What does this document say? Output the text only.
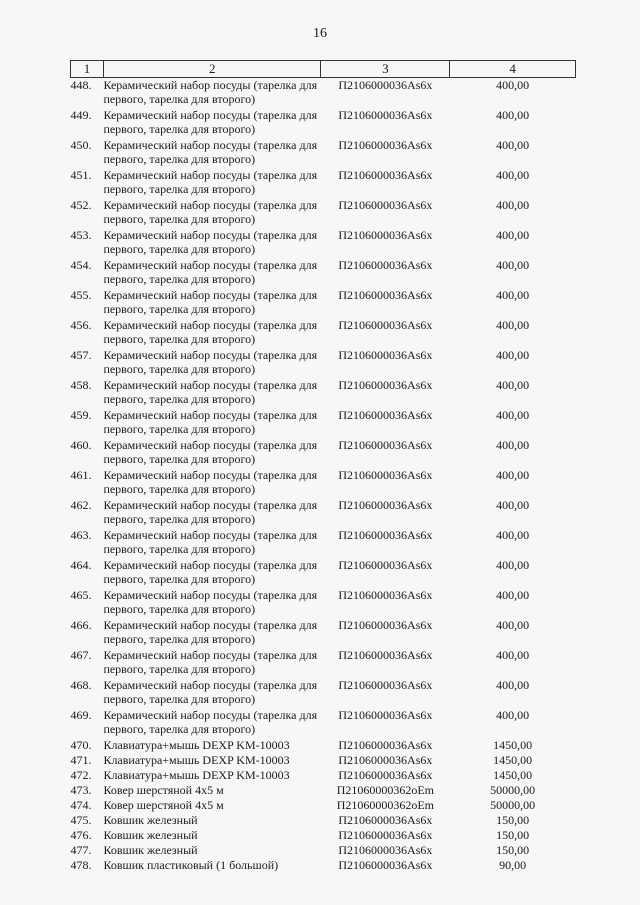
16
1	2	3	4
448.	Керамический набор посуды (тарелка для первого, тарелка для второго)	П2106000036Аs6x	400,00
449.	Керамический набор посуды (тарелка для первого, тарелка для второго)	П2106000036Аs6x	400,00
450.	Керамический набор посуды (тарелка для первого, тарелка для второго)	П2106000036Аs6x	400,00
451.	Керамический набор посуды (тарелка для первого, тарелка для второго)	П2106000036Аs6x	400,00
452.	Керамический набор посуды (тарелка для первого, тарелка для второго)	П2106000036Аs6x	400,00
453.	Керамический набор посуды (тарелка для первого, тарелка для второго)	П2106000036Аs6x	400,00
454.	Керамический набор посуды (тарелка для первого, тарелка для второго)	П2106000036Аs6x	400,00
455.	Керамический набор посуды (тарелка для первого, тарелка для второго)	П2106000036Аs6x	400,00
456.	Керамический набор посуды (тарелка для первого, тарелка для второго)	П2106000036Аs6x	400,00
457.	Керамический набор посуды (тарелка для первого, тарелка для второго)	П2106000036Аs6x	400,00
458.	Керамический набор посуды (тарелка для первого, тарелка для второго)	П2106000036Аs6x	400,00
459.	Керамический набор посуды (тарелка для первого, тарелка для второго)	П2106000036Аs6x	400,00
460.	Керамический набор посуды (тарелка для первого, тарелка для второго)	П2106000036Аs6x	400,00
461.	Керамический набор посуды (тарелка для первого, тарелка для второго)	П2106000036Аs6x	400,00
462.	Керамический набор посуды (тарелка для первого, тарелка для второго)	П2106000036Аs6x	400,00
463.	Керамический набор посуды (тарелка для первого, тарелка для второго)	П2106000036Аs6x	400,00
464.	Керамический набор посуды (тарелка для первого, тарелка для второго)	П2106000036Аs6x	400,00
465.	Керамический набор посуды (тарелка для первого, тарелка для второго)	П2106000036Аs6x	400,00
466.	Керамический набор посуды (тарелка для первого, тарелка для второго)	П2106000036Аs6x	400,00
467.	Керамический набор посуды (тарелка для первого, тарелка для второго)	П2106000036Аs6x	400,00
468.	Керамический набор посуды (тарелка для первого, тарелка для второго)	П2106000036Аs6x	400,00
469.	Керамический набор посуды (тарелка для первого, тарелка для второго)	П2106000036Аs6x	400,00
470.	Клавиатура+мышь DEXP KM-10003	П2106000036Аs6x	1450,00
471.	Клавиатура+мышь DEXP KM-10003	П2106000036Аs6x	1450,00
472.	Клавиатура+мышь DEXP KM-10003	П2106000036Аs6x	1450,00
473.	Ковер шерстяной 4х5 м	П21060000362оEm	50000,00
474.	Ковер шерстяной 4х5 м	П21060000362оEm	50000,00
475.	Ковшик железный	П2106000036Аs6x	150,00
476.	Ковшик железный	П2106000036Аs6x	150,00
477.	Ковшик железный	П2106000036Аs6x	150,00
478.	Ковшик пластиковый (1 большой)	П2106000036Аs6x	90,00
